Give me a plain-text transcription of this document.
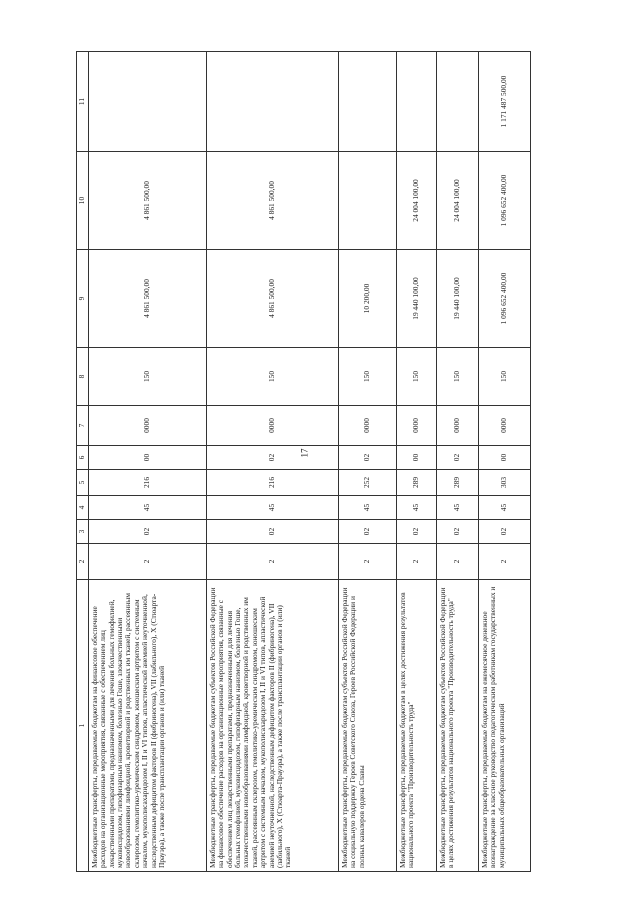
17
1	2	3	4	5	6	7	8	9	10	11
Межбюджетные трансферты, передаваемые бюджетам на финансовое обеспечение расходов на организационные мероприятия, связанные с обеспечением лиц лекарственными препаратами, предназначенными для лечения больных гемофилией, муковисцидозом, гипофизарным нанизмом, болезнью Гоше, злокачественными новообразованиями лимфоидной, кроветворной и родственных им тканей, рассеянным склерозом, гемолитико-уремическим синдромом, юношеским артритом с системным началом, мукополисахаридозом I, II и VI типов, апластической анемией неуточненной, наследственным дефицитом факторов II (фибриногена), VII (лабильного), X (Стюарта-Прауэра), а также после трансплантации органов и (или) тканей	2	02	45	216	00	0000	150	4 861 500,00	4 861 500,00	
Межбюджетные трансферты, передаваемые бюджетам субъектов Российской Федерации на финансовое обеспечение расходов на организационные мероприятия, связанные с обеспечением лиц лекарственными препаратами, предназначенными для лечения больных гемофилией, муковисцидозом, гипофизарным нанизмом, болезнью Гоше, злокачественными новообразованиями лимфоидной, кроветворной и родственных им тканей, рассеянным склерозом, гемолитико-уремическим синдромом, юношеским артритом с системным началом, мукополисахаридозом I, II и VI типов, апластической анемией неуточненной, наследственным дефицитом факторов II (фибриногена), VII (лабильного), X (Стюарта-Прауэра), а также после трансплантации органов и (или) тканей	2	02	45	216	02	0000	150	4 861 500,00	4 861 500,00	
Межбюджетные трансферты, передаваемые бюджетам субъектов Российской Федерации на социальную поддержку Героев Советского Союза, Героев Российской Федерации и полных кавалеров ордена Славы	2	02	45	252	02	0000	150	10 200,00		
Межбюджетные трансферты, передаваемые бюджетам в целях достижения результатов национального проекта "Производительность труда"	2	02	45	289	00	0000	150	19 440 100,00	24 004 100,00	
Межбюджетные трансферты, передаваемые бюджетам субъектов Российской Федерации в целях достижения результатов национального проекта "Производительность труда"	2	02	45	289	02	0000	150	19 440 100,00	24 004 100,00	
Межбюджетные трансферты, передаваемые бюджетам на ежемесячное денежное вознаграждение за классное руководство педагогическим работникам государственных и муниципальных общеобразовательных организаций	2	02	45	303	00	0000	150	1 096 652 400,00	1 096 652 400,00	1 171 487 500,00
